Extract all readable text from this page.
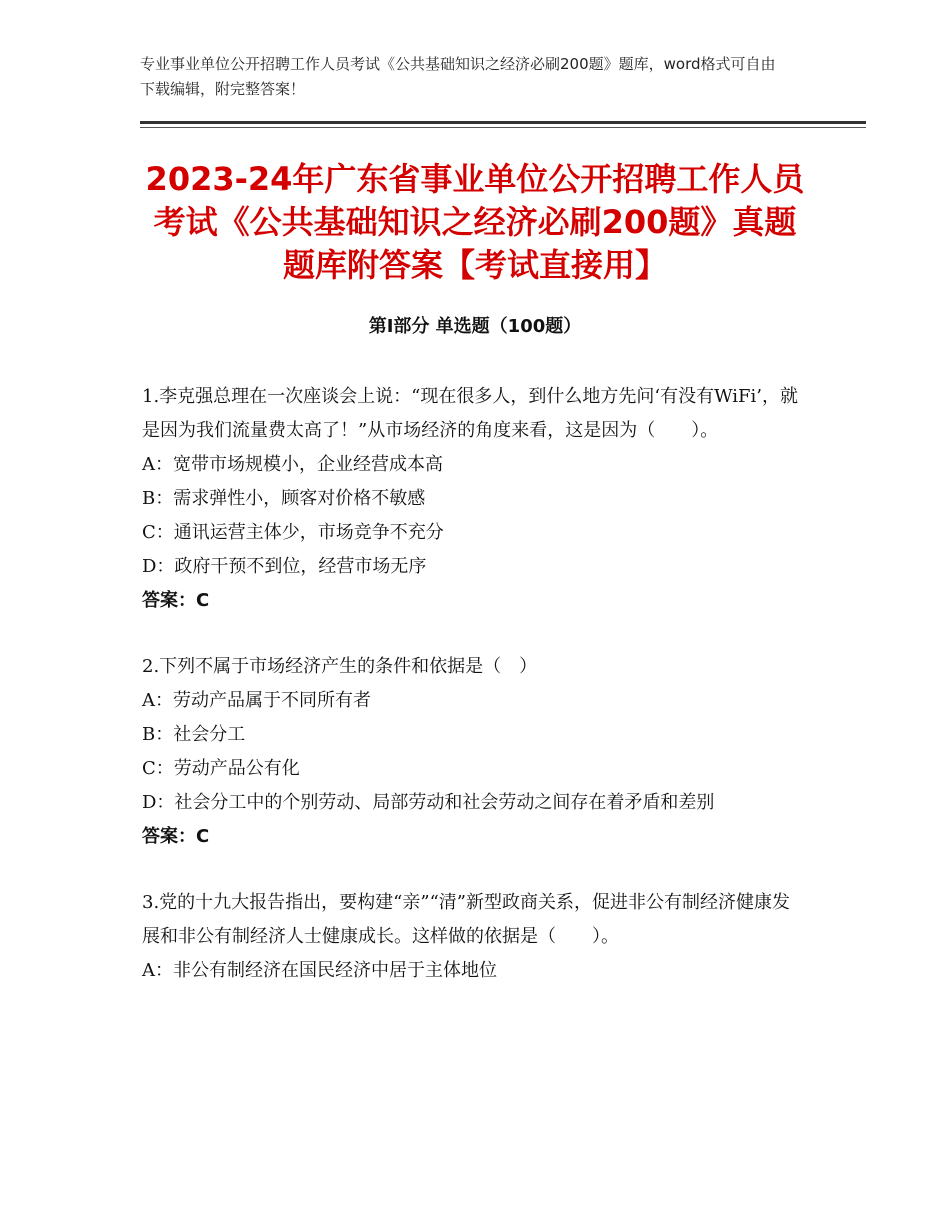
专业事业单位公开招聘工作人员考试《公共基础知识之经济必刷200题》题库，word格式可自由下载编辑，附完整答案！
2023-24年广东省事业单位公开招聘工作人员考试《公共基础知识之经济必刷200题》真题题库附答案【考试直接用】
第Ⅰ部分 单选题（100题）

1.李克强总理在一次座谈会上说：“现在很多人，到什么地方先问‘有没有WiFi’，就是因为我们流量费太高了！”从市场经济的角度来看，这是因为（　　）。

A：宽带市场规模小，企业经营成本高

B：需求弹性小，顾客对价格不敏感

C：通讯运营主体少，市场竞争不充分

D：政府干预不到位，经营市场无序

答案：C

2.下列不属于市场经济产生的条件和依据是（　）

A：劳动产品属于不同所有者

B：社会分工

C：劳动产品公有化

D：社会分工中的个别劳动、局部劳动和社会劳动之间存在着矛盾和差别

答案：C

3.党的十九大报告指出，要构建“亲”“清”新型政商关系，促进非公有制经济健康发展和非公有制经济人士健康成长。这样做的依据是（　　）。

A：非公有制经济在国民经济中居于主体地位
